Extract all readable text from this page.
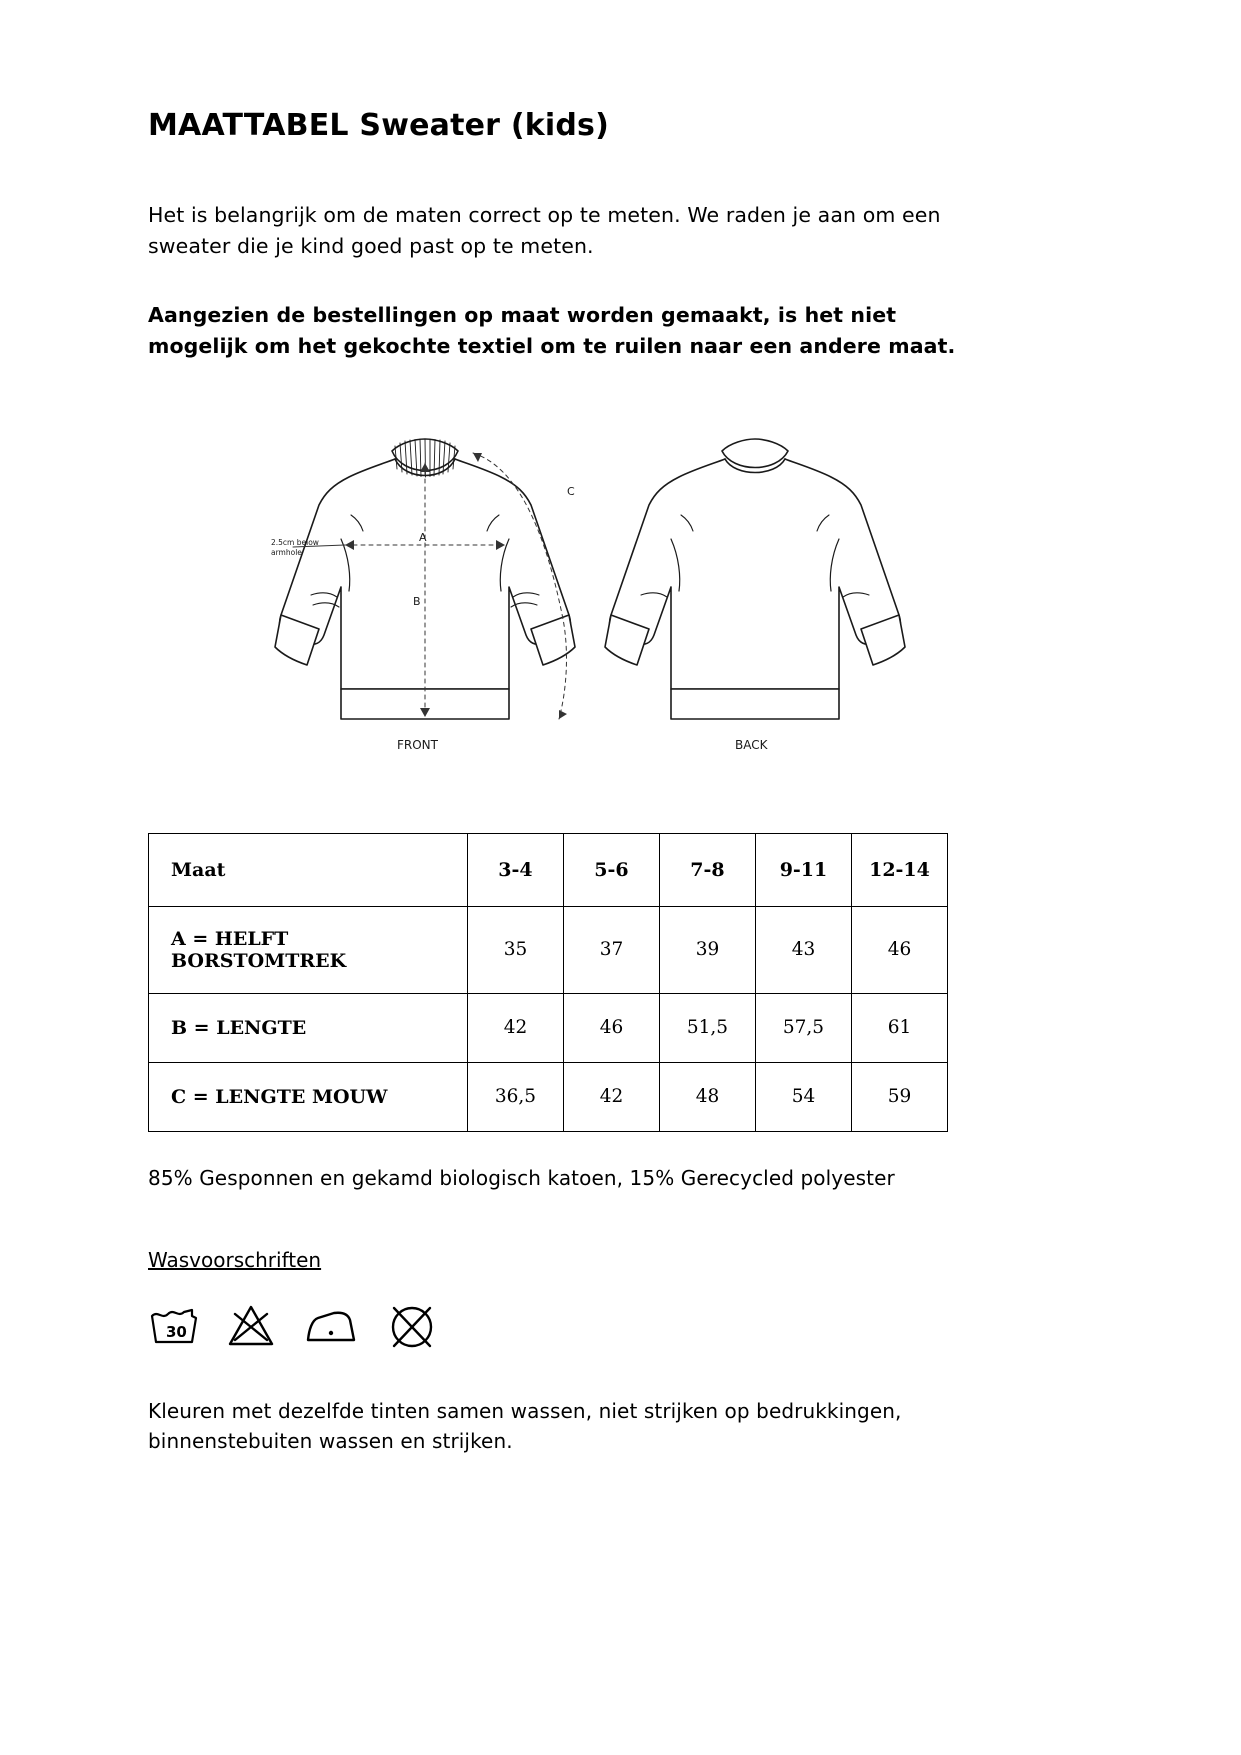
MAATTABEL Sweater (kids)

Het is belangrijk om de maten correct op te meten. We raden je aan om een sweater die je kind goed past op te meten.

Aangezien de bestellingen op maat worden gemaakt, is het niet mogelijk om het gekochte textiel om te ruilen naar een andere maat.

2.5cm below
armhole
A
B
C
FRONT	BACK
Maat	3-4	5-6	7-8	9-11	12-14
A = HELFT BORSTOMTREK	35	37	39	43	46
B = LENGTE	42	46	51,5	57,5	61
C = LENGTE MOUW	36,5	42	48	54	59

85% Gesponnen en gekamd biologisch katoen, 15% Gerecycled polyester

Wasvoorschriften
30

Kleuren met dezelfde tinten samen wassen, niet strijken op bedrukkingen, binnenstebuiten wassen en strijken.
